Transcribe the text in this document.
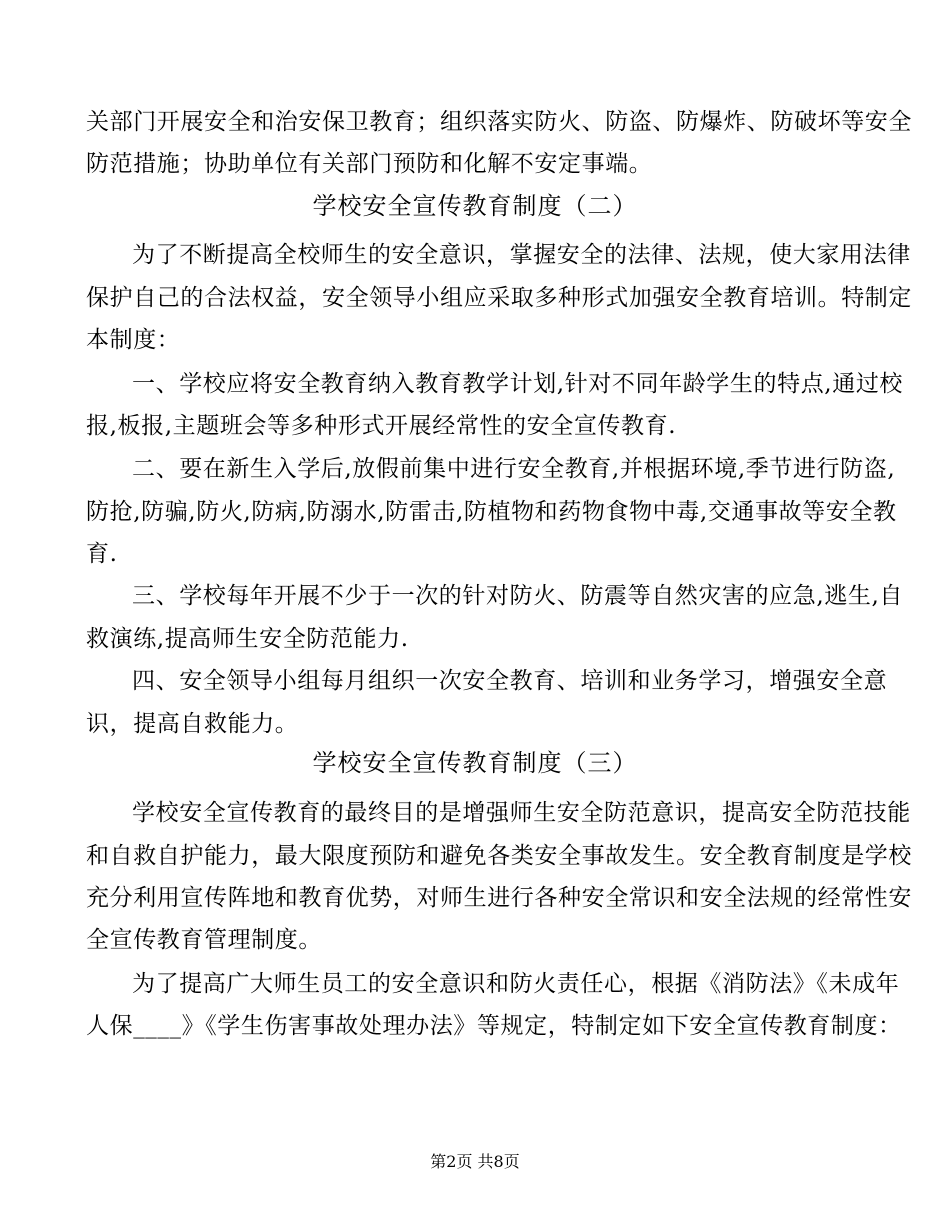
关部门开展安全和治安保卫教育；组织落实防火、防盗、防爆炸、防破坏等安全
防范措施；协助单位有关部门预防和化解不安定事端。
学校安全宣传教育制度（二）
为了不断提高全校师生的安全意识，掌握安全的法律、法规，使大家用法律
保护自己的合法权益，安全领导小组应采取多种形式加强安全教育培训。特制定
本制度：
一、学校应将安全教育纳入教育教学计划,针对不同年龄学生的特点,通过校
报,板报,主题班会等多种形式开展经常性的安全宣传教育.
二、要在新生入学后,放假前集中进行安全教育,并根据环境,季节进行防盗,
防抢,防骗,防火,防病,防溺水,防雷击,防植物和药物食物中毒,交通事故等安全教
育.
三、学校每年开展不少于一次的针对防火、防震等自然灾害的应急,逃生,自
救演练,提高师生安全防范能力.
四、安全领导小组每月组织一次安全教育、培训和业务学习，增强安全意
识，提高自救能力。
学校安全宣传教育制度（三）
学校安全宣传教育的最终目的是增强师生安全防范意识，提高安全防范技能
和自救自护能力，最大限度预防和避免各类安全事故发生。安全教育制度是学校
充分利用宣传阵地和教育优势，对师生进行各种安全常识和安全法规的经常性安
全宣传教育管理制度。
为了提高广大师生员工的安全意识和防火责任心，根据《消防法》《未成年
人保____》《学生伤害事故处理办法》等规定，特制定如下安全宣传教育制度：
第2页 共8页
